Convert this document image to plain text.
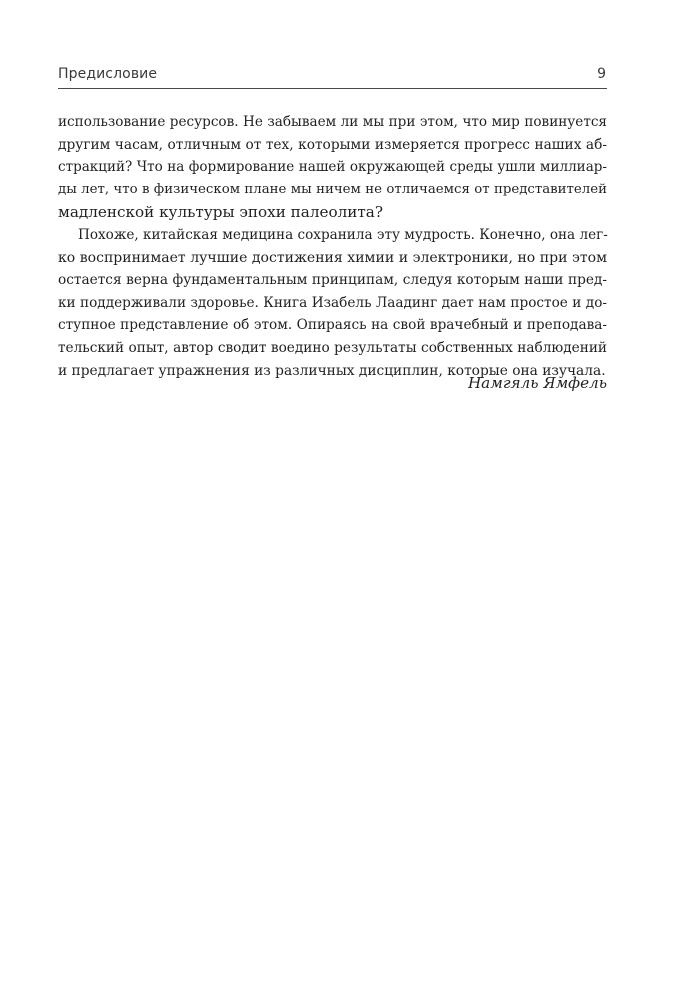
Предисловие	9
использование ресурсов. Не забываем ли мы при этом, что мир повинуется
другим часам, отличным от тех, которыми измеряется прогресс наших аб-
стракций? Что на формирование нашей окружающей среды ушли миллиар-
ды лет, что в физическом плане мы ничем не отличаемся от представителей
мадленской культуры эпохи палеолита?
Похоже, китайская медицина сохранила эту мудрость. Конечно, она лег-
ко воспринимает лучшие достижения химии и электроники, но при этом
остается верна фундаментальным принципам, следуя которым наши пред-
ки поддерживали здоровье. Книга Изабель Лаадинг дает нам простое и до-
ступное представление об этом. Опираясь на свой врачебный и преподава-
тельский опыт, автор сводит воедино результаты собственных наблюдений
и предлагает упражнения из различных дисциплин, которые она изучала.
Намгяль Ямфель
